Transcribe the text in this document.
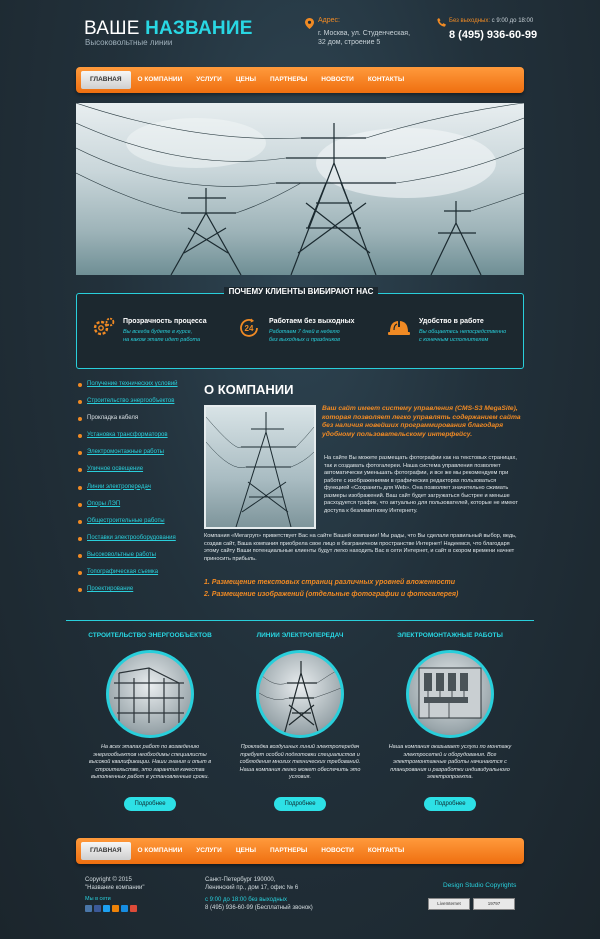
ВАШЕ НАЗВАНИЕ
Высоковольтные линии
Адрес:
г. Москва, ул. Студенческая,
32 дом, строение 5
Без выходных: с 9:00 до 18:00
8 (495) 936-60-99
ГЛАВНАЯ	О КОМПАНИИ	УСЛУГИ	ЦЕНЫ	ПАРТНЕРЫ	НОВОСТИ	КОНТАКТЫ
ПОЧЕМУ КЛИЕНТЫ ВИБИРАЮТ НАС
Прозрачность процесса
Вы всегда будете в курсе,
на каком этапе идет работа
24
Работаем без выходных
Работаем 7 дней в неделю
без выходных и праздников
Удобство в работе
Вы общаетесь непосредственно
с конечным исполнителем
Получение технических условий
Строительство энергообъектов
Прокладка кабеля
Установка трансформаторов
Электромонтажные работы
Уличное освещение
Линии электропередач
Опоры ЛЭП
Общестроительные работы
Поставки электрооборудования
Высоковольтные работы
Топографическая съемка
Проектирование
О КОМПАНИИ
Ваш сайт имеет систему управления (CMS-S3 MegaSite), которая позволяет легко управлять содержанием сайта без наличия новейших программирования благодаря удобному пользовательскому интерфейсу.
На сайте Вы можете размещать фотографии как на текстовых страницах, так и создавать фотогалереи. Наша система управления позволяет автоматически уменьшать фотографии, и все же мы рекомендуем при работе с изображениями в графических редакторах пользоваться функцией «Сохранить для Web». Она позволяет значительно сжимать размеры изображений. Ваш сайт будет загружаться быстрее и меньше расходуется трафик, что актуально для пользователей, которые не имеют доступа к безлимитному Интернету.
Компания «Мегагруп» приветствует Вас на сайте Вашей компании! Мы рады, что Вы сделали правильный выбор, ведь, создав сайт, Ваша компания приобрела свое лицо в безграничном пространстве Интернет! Надеемся, что благодаря этому сайту Ваши потенциальные клиенты будут легко находить Вас в сети Интернет, и сайт в скором времени начнет приносить прибыль.
1. Размещение текстовых страниц различных уровней вложенности
2. Размещение изображений (отдельные фотографии и фотогалерея)
СТРОИТЕЛЬСТВО ЭНЕРГООБЪЕКТОВ
На всех этапах работ по возведению энергообъектов необходимы специалисты высокой квалификации. Наши знания и опыт в строительстве, это гарантия качества выполненных работ в установленные сроки.
Подробнее
ЛИНИИ ЭЛЕКТРОПЕРЕДАЧ
Прокладка воздушных линий электропередач требует особой подготовки специалистов и соблюдения многих технических требований. Наша компания легко может обеспечить это условия.
Подробнее
ЭЛЕКТРОМОНТАЖНЫЕ РАБОТЫ
Наша компания оказывает услуги по монтажу электросетей и оборудования. Все электромонтажные работы начинаются с планирования и разработки индивидуального электропроекта.
Подробнее
ГЛАВНАЯ	О КОМПАНИИ	УСЛУГИ	ЦЕНЫ	ПАРТНЕРЫ	НОВОСТИ	КОНТАКТЫ
Copyright © 2015
"Название компании"
Мы в сети
Санкт-Петербург 190000,
Ленинский пр., дом 17, офис № 6
с 9:00 до 18:00 без выходных
8 (495) 936-60-99 (Бесплатный звонок)
Design Studio Copyrights
LiveInternet	19797
